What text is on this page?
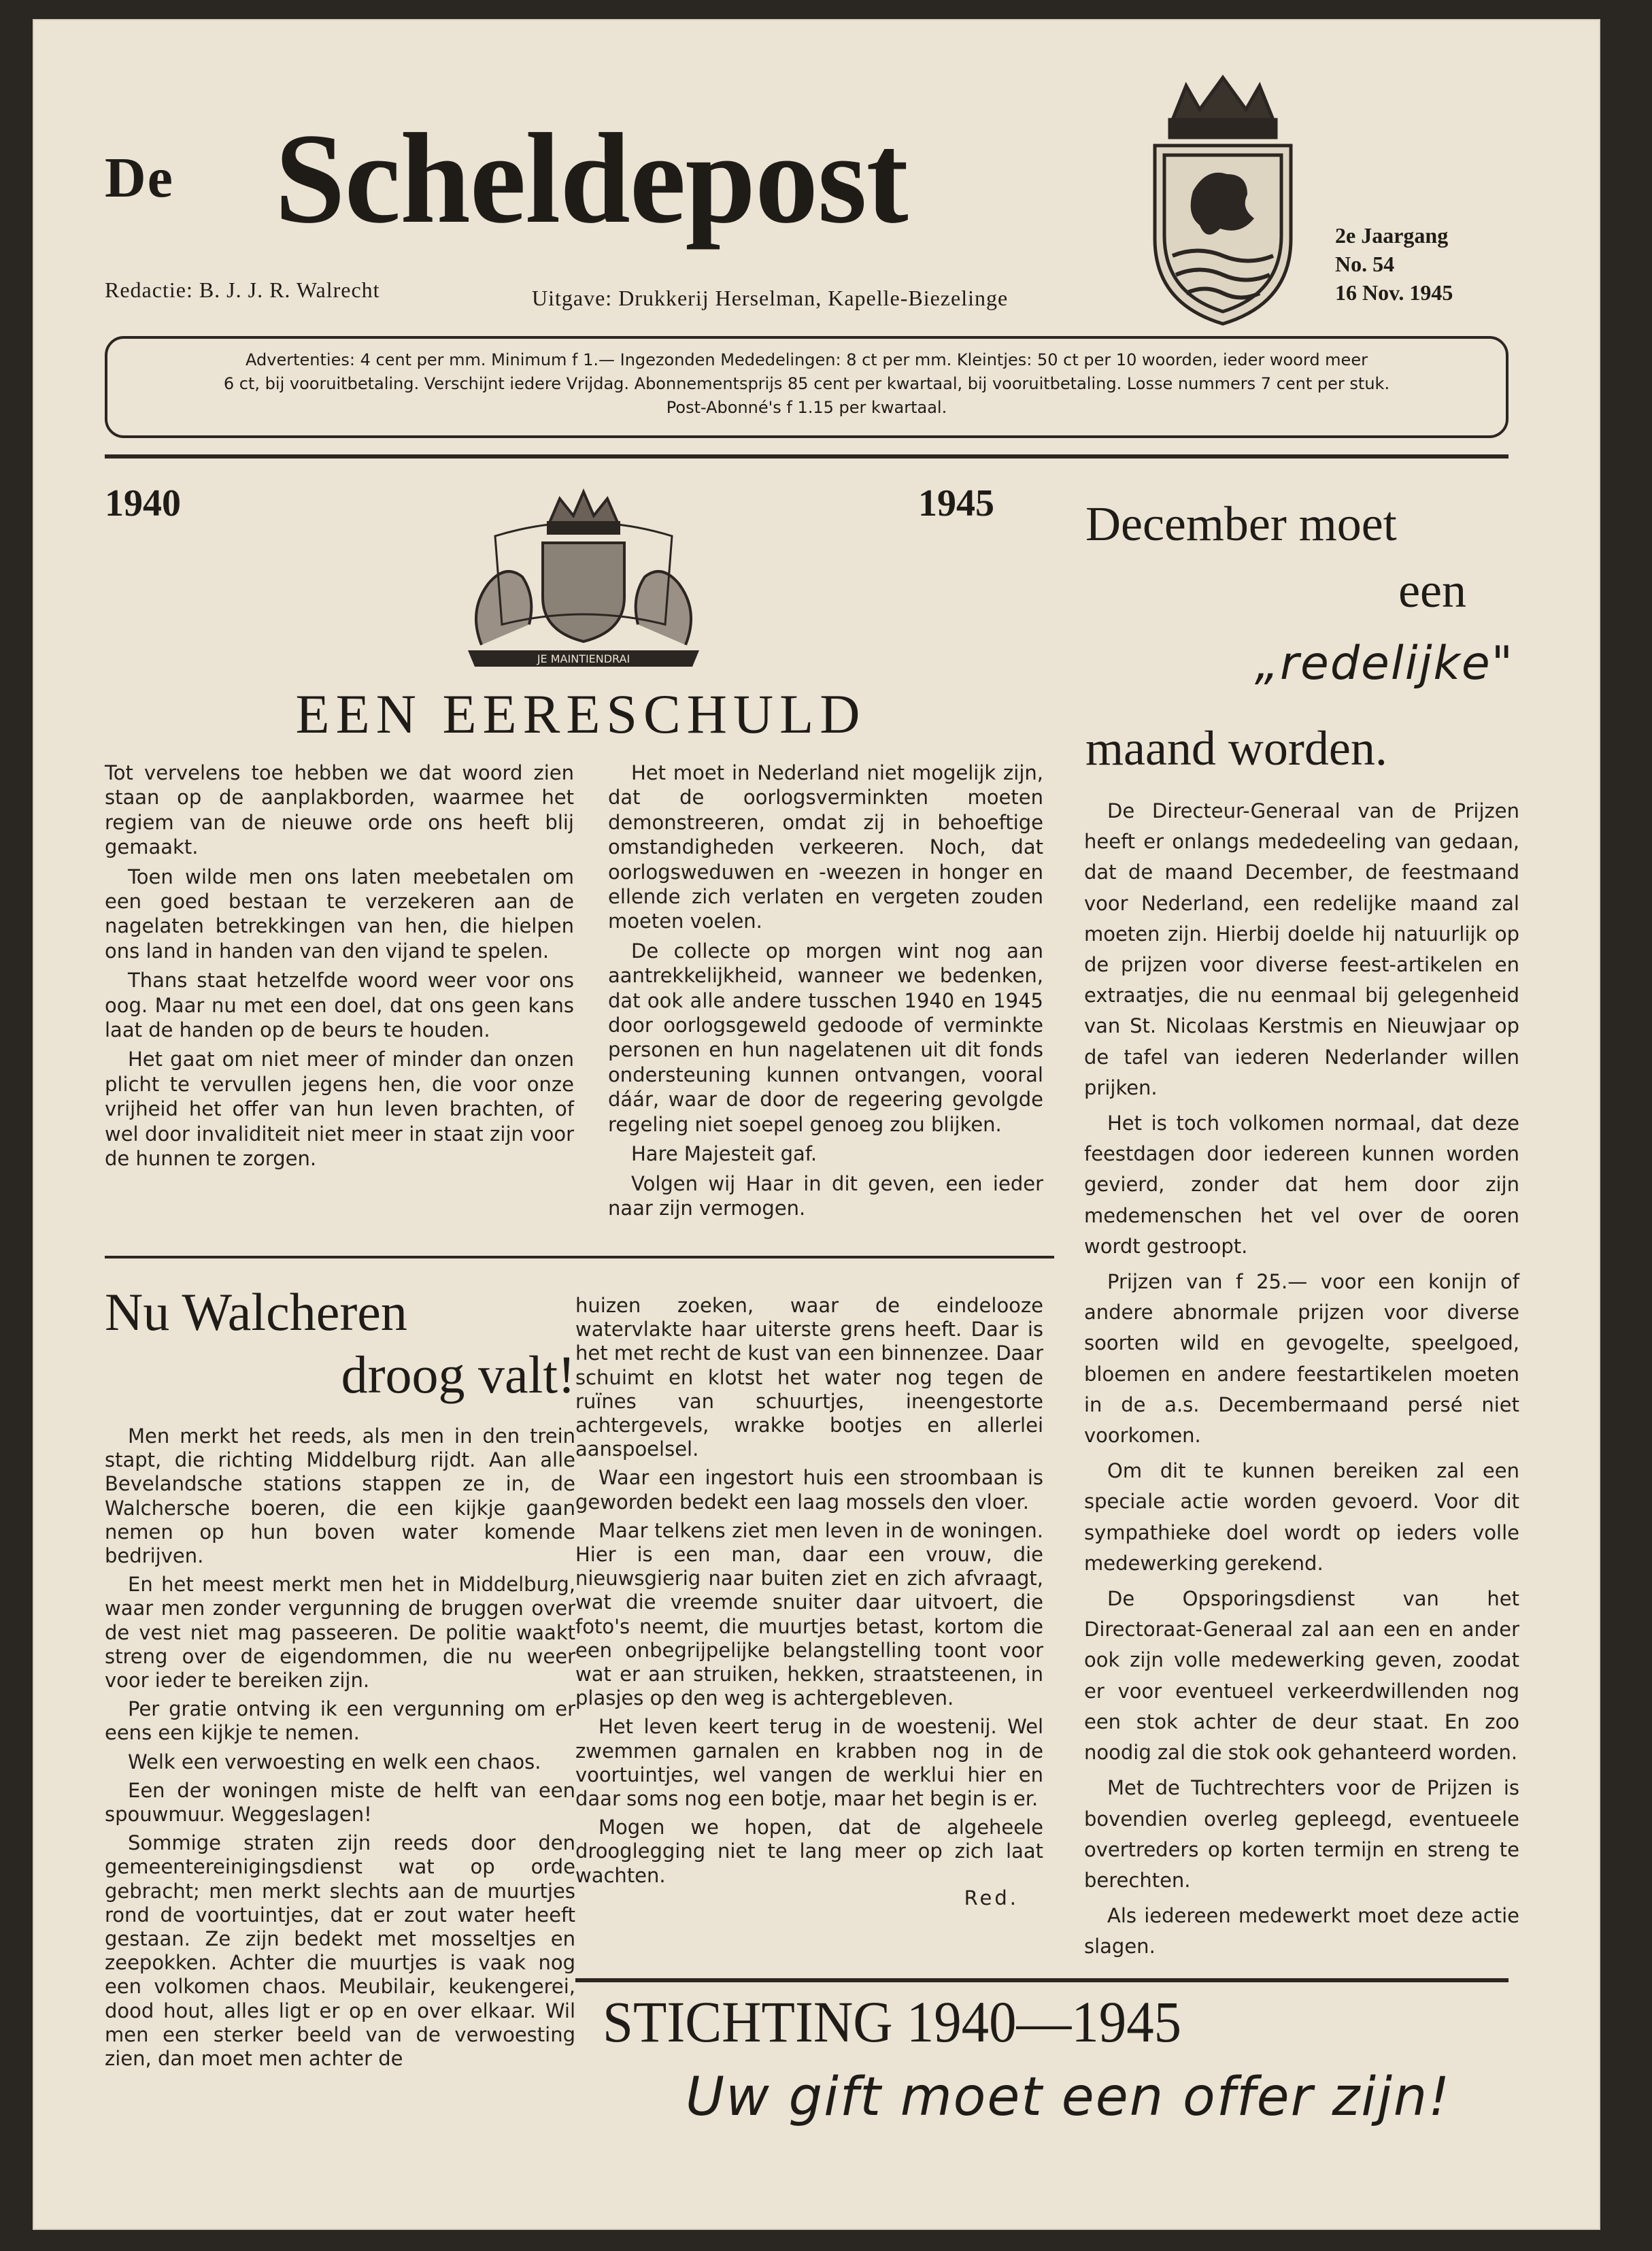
De Scheldepost
Redactie: B. J. J. R. Walrecht	Uitgave: Drukkerij Herselman, Kapelle-Biezelinge
2e Jaargang
No. 54
16 Nov. 1945
Advertenties: 4 cent per mm. Minimum f 1.— Ingezonden Mededelingen: 8 ct per mm. Kleintjes: 50 ct per 10 woorden, ieder woord meer
6 ct, bij vooruitbetaling. Verschijnt iedere Vrijdag. Abonnementsprijs 85 cent per kwartaal, bij vooruitbetaling. Losse nummers 7 cent per stuk.
Post-Abonné's f 1.15 per kwartaal.
1940	1945
JE MAINTIENDRAI
EEN EERESCHULD

Tot vervelens toe hebben we dat woord zien staan op de aanplakborden, waarmee het regiem van de nieuwe orde ons heeft blij gemaakt.

Toen wilde men ons laten meebetalen om een goed bestaan te verzekeren aan de nagelaten betrekkingen van hen, die hielpen ons land in handen van den vijand te spelen.

Thans staat hetzelfde woord weer voor ons oog. Maar nu met een doel, dat ons geen kans laat de handen op de beurs te houden.

Het gaat om niet meer of minder dan onzen plicht te vervullen jegens hen, die voor onze vrijheid het offer van hun leven brachten, of wel door invaliditeit niet meer in staat zijn voor de hunnen te zorgen.

Het moet in Nederland niet mogelijk zijn, dat de oorlogsverminkten moeten demonstreeren, omdat zij in behoeftige omstandigheden verkeeren. Noch, dat oorlogsweduwen en -weezen in honger en ellende zich verlaten en vergeten zouden moeten voelen.

De collecte op morgen wint nog aan aantrekkelijkheid, wanneer we bedenken, dat ook alle andere tusschen 1940 en 1945 door oorlogsgeweld gedoode of verminkte personen en hun nagelatenen uit dit fonds ondersteuning kunnen ontvangen, vooral dáár, waar de door de regeering gevolgde regeling niet soepel genoeg zou blijken.

Hare Majesteit gaf.

Volgen wij Haar in dit geven, een ieder naar zijn vermogen.

December moet
een
„redelijke"
maand worden.

De Directeur-Generaal van de Prijzen heeft er onlangs mededeeling van gedaan, dat de maand December, de feestmaand voor Nederland, een redelijke maand zal moeten zijn. Hierbij doelde hij natuurlijk op de prijzen voor diverse feest-artikelen en extraatjes, die nu eenmaal bij gelegenheid van St. Nicolaas Kerstmis en Nieuwjaar op de tafel van iederen Nederlander willen prijken.

Het is toch volkomen normaal, dat deze feestdagen door iedereen kunnen worden gevierd, zonder dat hem door zijn medemenschen het vel over de ooren wordt gestroopt.

Prijzen van f 25.— voor een konijn of andere abnormale prijzen voor diverse soorten wild en gevogelte, speelgoed, bloemen en andere feestartikelen moeten in de a.s. Decembermaand persé niet voorkomen.

Om dit te kunnen bereiken zal een speciale actie worden gevoerd. Voor dit sympathieke doel wordt op ieders volle medewerking gerekend.

De Opsporingsdienst van het Directoraat-Generaal zal aan een en ander ook zijn volle medewerking geven, zoodat er voor eventueel verkeerdwillenden nog een stok achter de deur staat. En zoo noodig zal die stok ook gehanteerd worden.

Met de Tuchtrechters voor de Prijzen is bovendien overleg gepleegd, eventueele overtreders op korten termijn en streng te berechten.

Als iedereen medewerkt moet deze actie slagen.

Nu Walcheren
droog valt!

Men merkt het reeds, als men in den trein stapt, die richting Middelburg rijdt. Aan alle Bevelandsche stations stappen ze in, de Walchersche boeren, die een kijkje gaan nemen op hun boven water komende bedrijven.

En het meest merkt men het in Middelburg, waar men zonder vergunning de bruggen over de vest niet mag passeeren. De politie waakt streng over de eigendommen, die nu weer voor ieder te bereiken zijn.

Per gratie ontving ik een vergunning om er eens een kijkje te nemen.

Welk een verwoesting en welk een chaos.

Een der woningen miste de helft van een spouwmuur. Weggeslagen!

Sommige straten zijn reeds door den gemeentereinigingsdienst wat op orde gebracht; men merkt slechts aan de muurtjes rond de voortuintjes, dat er zout water heeft gestaan. Ze zijn bedekt met mosseltjes en zeepokken. Achter die muurtjes is vaak nog een volkomen chaos. Meubilair, keukengerei, dood hout, alles ligt er op en over elkaar. Wil men een sterker beeld van de verwoesting zien, dan moet men achter de

huizen zoeken, waar de eindelooze watervlakte haar uiterste grens heeft. Daar is het met recht de kust van een binnenzee. Daar schuimt en klotst het water nog tegen de ruïnes van schuurtjes, ineengestorte achtergevels, wrakke bootjes en allerlei aanspoelsel.

Waar een ingestort huis een stroombaan is geworden bedekt een laag mossels den vloer.

Maar telkens ziet men leven in de woningen. Hier is een man, daar een vrouw, die nieuwsgierig naar buiten ziet en zich afvraagt, wat die vreemde snuiter daar uitvoert, die foto's neemt, die muurtjes betast, kortom die een onbegrijpelijke belangstelling toont voor wat er aan struiken, hekken, straatsteenen, in plasjes op den weg is achtergebleven.

Het leven keert terug in de woestenij. Wel zwemmen garnalen en krabben nog in de voortuintjes, wel vangen de werklui hier en daar soms nog een botje, maar het begin is er.

Mogen we hopen, dat de algeheele drooglegging niet te lang meer op zich laat wachten.

Red.
STICHTING 1940—1945
Uw gift moet een offer zijn!
